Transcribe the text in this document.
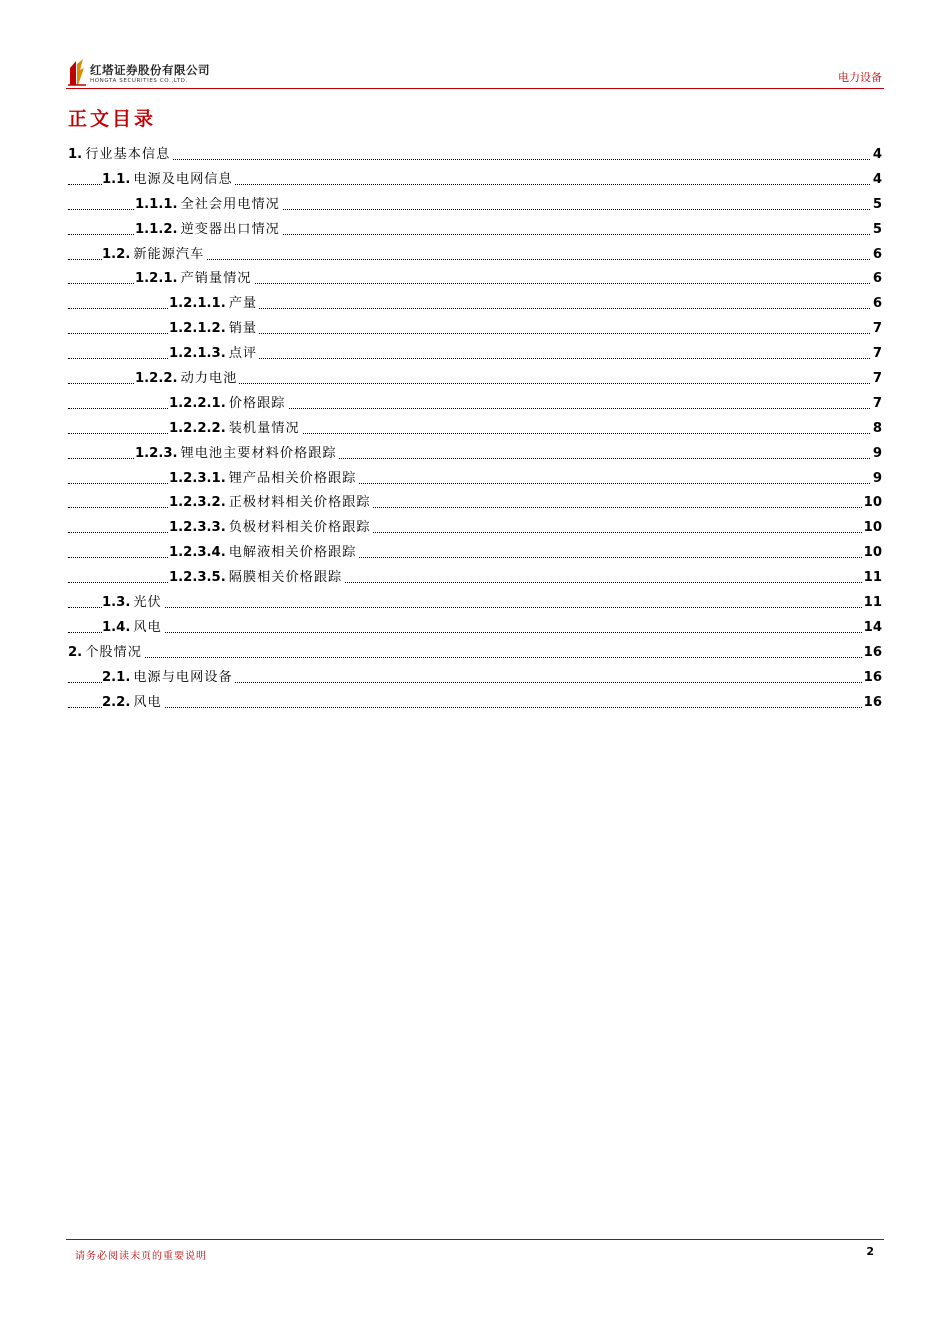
红塔证券股份有限公司
HONGTA SECURITIES CO.,LTD.	电力设备
正文目录
1. 行业基本信息	4
1.1. 电源及电网信息	4
1.1.1. 全社会用电情况	5
1.1.2. 逆变器出口情况	5
1.2. 新能源汽车	6
1.2.1. 产销量情况	6
1.2.1.1. 产量	6
1.2.1.2. 销量	7
1.2.1.3. 点评	7
1.2.2. 动力电池	7
1.2.2.1. 价格跟踪	7
1.2.2.2. 装机量情况	8
1.2.3. 锂电池主要材料价格跟踪	9
1.2.3.1. 锂产品相关价格跟踪	9
1.2.3.2. 正极材料相关价格跟踪	10
1.2.3.3. 负极材料相关价格跟踪	10
1.2.3.4. 电解液相关价格跟踪	10
1.2.3.5. 隔膜相关价格跟踪	11
1.3. 光伏	11
1.4. 风电	14
2. 个股情况	16
2.1. 电源与电网设备	16
2.2. 风电	16
请务必阅读末页的重要说明	2
